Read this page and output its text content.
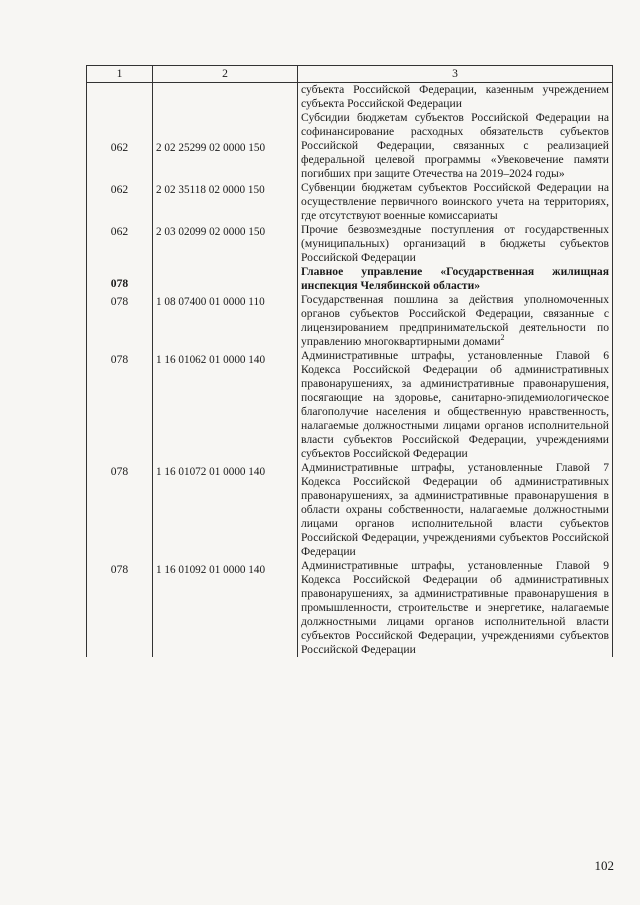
1	2	3
		субъекта Российской Федерации, казенным учреждением субъекта Российской Федерации
062	2 02 25299 02 0000 150	Субсидии бюджетам субъектов Российской Федерации на софинансирование расходных обязательств субъектов Российской Федерации, связанных с реализацией федеральной целевой программы «Увековечение памяти погибших при защите Отечества на 2019–2024 годы»
062	2 02 35118 02 0000 150	Субвенции бюджетам субъектов Российской Федерации на осуществление первичного воинского учета на территориях, где отсутствуют военные комиссариаты
062	2 03 02099 02 0000 150	Прочие безвозмездные поступления от государственных (муниципальных) организаций в бюджеты субъектов Российской Федерации
078		Главное управление «Государственная жилищная инспекция Челябинской области»
078	1 08 07400 01 0000 110	Государственная пошлина за действия уполномоченных органов субъектов Российской Федерации, связанные с лицензированием предпринимательской деятельности по управлению многоквартирными домами$^2$
078	1 16 01062 01 0000 140	Административные штрафы, установленные Главой 6 Кодекса Российской Федерации об административных правонарушениях, за административные правонарушения, посягающие на здоровье, санитарно-эпидемиологическое благополучие населения и общественную нравственность, налагаемые должностными лицами органов исполнительной власти субъектов Российской Федерации, учреждениями субъектов Российской Федерации
078	1 16 01072 01 0000 140	Административные штрафы, установленные Главой 7 Кодекса Российской Федерации об административных правонарушениях, за административные правонарушения в области охраны собственности, налагаемые должностными лицами органов исполнительной власти субъектов Российской Федерации, учреждениями субъектов Российской Федерации
078	1 16 01092 01 0000 140	Административные штрафы, установленные Главой 9 Кодекса Российской Федерации об административных правонарушениях, за административные правонарушения в промышленности, строительстве и энергетике, налагаемые должностными лицами органов исполнительной власти субъектов Российской Федерации, учреждениями субъектов Российской Федерации
102
